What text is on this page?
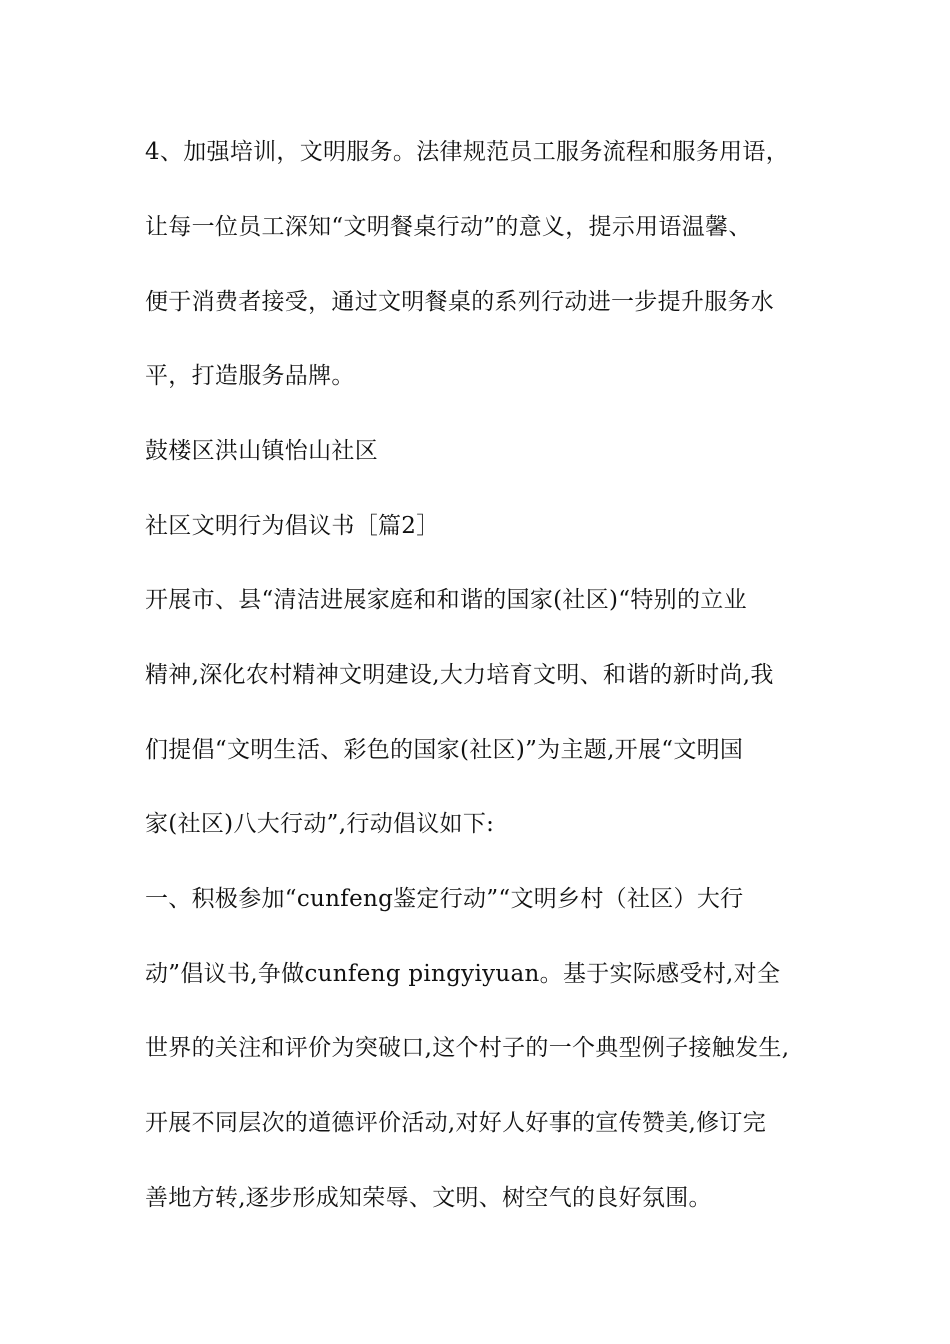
4、加强培训，文明服务。法律规范员工服务流程和服务用语，

让每一位员工深知“文明餐桌行动”的意义，提示用语温馨、

便于消费者接受，通过文明餐桌的系列行动进一步提升服务水

平，打造服务品牌。

鼓楼区洪山镇怡山社区

社区文明行为倡议书［篇2］

开展市、县“清洁进展家庭和和谐的国家(社区)“特别的立业

精神,深化农村精神文明建设,大力培育文明、和谐的新时尚,我

们提倡“文明生活、彩色的国家(社区)”为主题,开展“文明国

家(社区)八大行动”,行动倡议如下:

一、积极参加“cunfeng鉴定行动”“文明乡村（社区）大行

动”倡议书,争做cunfeng pingyiyuan。基于实际感受村,对全

世界的关注和评价为突破口,这个村子的一个典型例子接触发生,

开展不同层次的道德评价活动,对好人好事的宣传赞美,修订完

善地方转,逐步形成知荣辱、文明、树空气的良好氛围。
